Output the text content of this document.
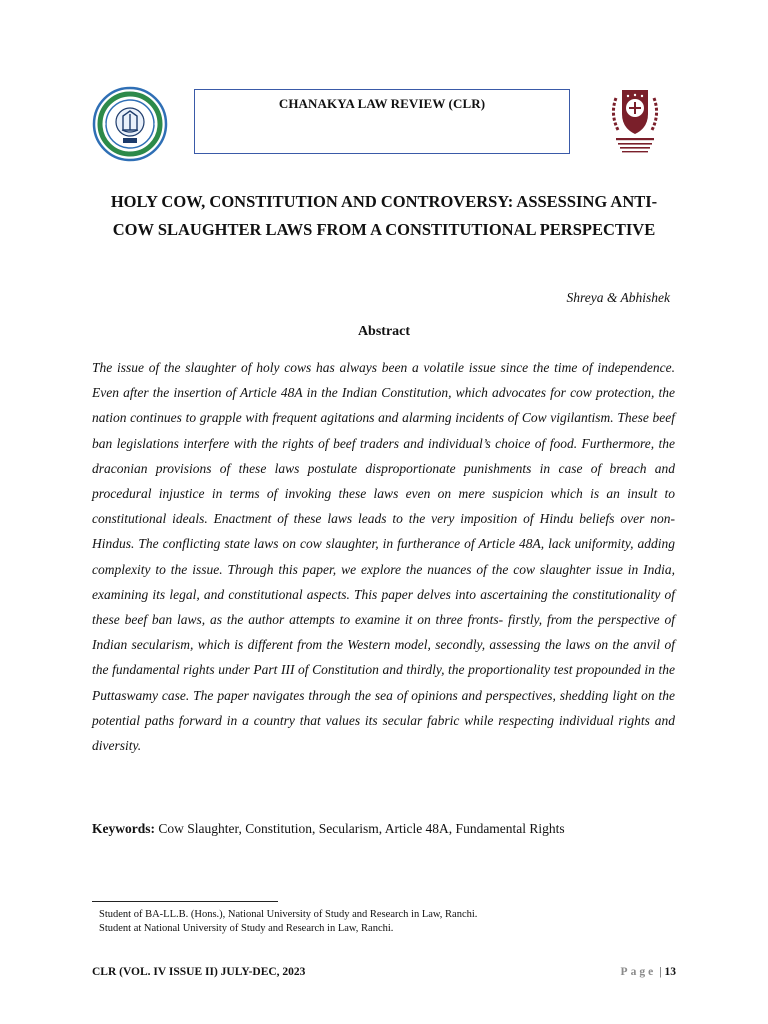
CHANAKYA LAW REVIEW (CLR)
HOLY COW, CONSTITUTION AND CONTROVERSY: ASSESSING ANTI-COW SLAUGHTER LAWS FROM A CONSTITUTIONAL PERSPECTIVE
Shreya & Abhishek
Abstract

The issue of the slaughter of holy cows has always been a volatile issue since the time of independence. Even after the insertion of Article 48A in the Indian Constitution, which advocates for cow protection, the nation continues to grapple with frequent agitations and alarming incidents of Cow vigilantism. These beef ban legislations interfere with the rights of beef traders and individual’s choice of food. Furthermore, the draconian provisions of these laws postulate disproportionate punishments in case of breach and procedural injustice in terms of invoking these laws even on mere suspicion which is an insult to constitutional ideals. Enactment of these laws leads to the very imposition of Hindu beliefs over non-Hindus. The conflicting state laws on cow slaughter, in furtherance of Article 48A, lack uniformity, adding complexity to the issue. Through this paper, we explore the nuances of the cow slaughter issue in India, examining its legal, and constitutional aspects. This paper delves into ascertaining the constitutionality of these beef ban laws, as the author attempts to examine it on three fronts- firstly, from the perspective of Indian secularism, which is different from the Western model, secondly, assessing the laws on the anvil of the fundamental rights under Part III of Constitution and thirdly, the proportionality test propounded in the Puttaswamy case. The paper navigates through the sea of opinions and perspectives, shedding light on the potential paths forward in a country that values its secular fabric while respecting individual rights and diversity.

Keywords: Cow Slaughter, Constitution, Secularism, Article 48A, Fundamental Rights
Student of BA-LL.B. (Hons.), National University of Study and Research in Law, Ranchi.
Student at National University of Study and Research in Law, Ranchi.
CLR (VOL. IV ISSUE II) JULY-DEC, 2023	Page | 13
